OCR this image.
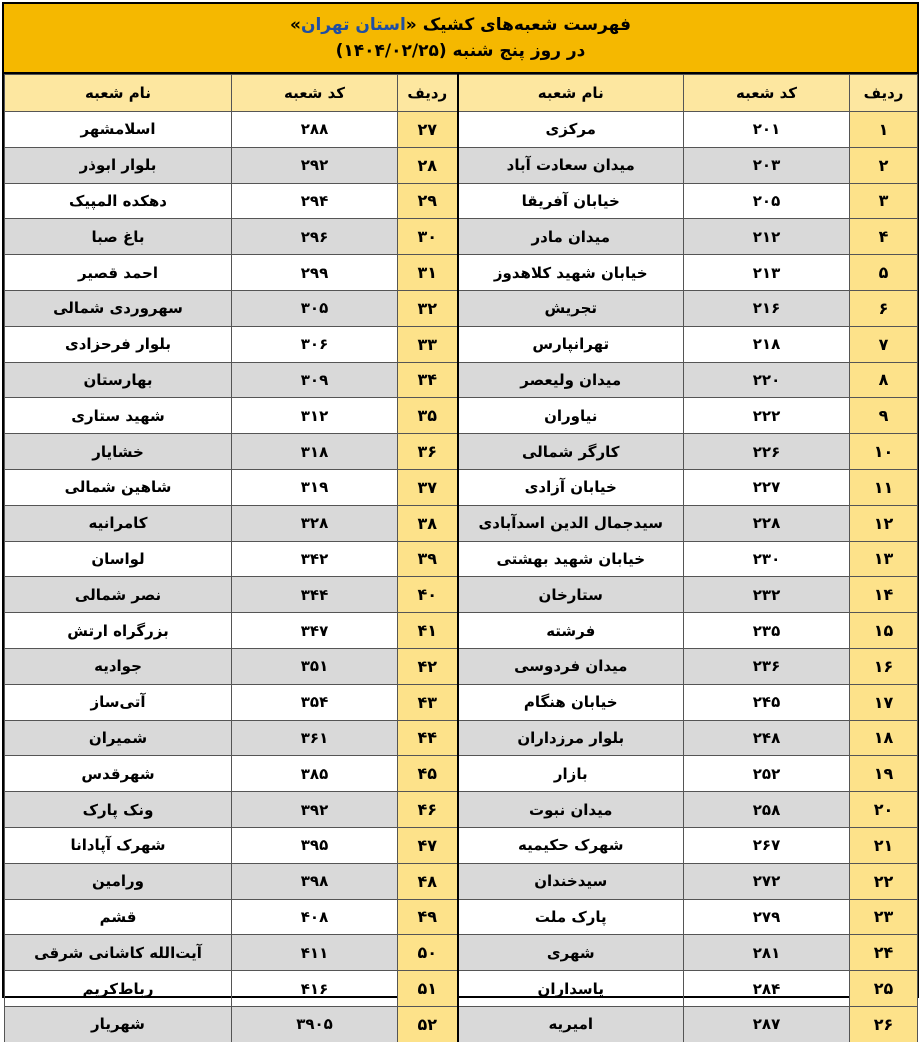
فهرست شعبه‌های کشیک «استان تهران»
در روز پنج شنبه (۱۴۰۴/۰۲/۲۵)
ردیف	کد شعبه	نام شعبه	ردیف	کد شعبه	نام شعبه
۱	۲۰۱	مرکزی	۲۷	۲۸۸	اسلامشهر
۲	۲۰۳	میدان سعادت آباد	۲۸	۲۹۲	بلوار ابوذر
۳	۲۰۵	خیابان آفریقا	۲۹	۲۹۴	دهکده المپیک
۴	۲۱۲	میدان مادر	۳۰	۲۹۶	باغ صبا
۵	۲۱۳	خیابان شهید کلاهدوز	۳۱	۲۹۹	احمد قصیر
۶	۲۱۶	تجریش	۳۲	۳۰۵	سهروردی شمالی
۷	۲۱۸	تهرانپارس	۳۳	۳۰۶	بلوار فرحزادی
۸	۲۲۰	میدان ولیعصر	۳۴	۳۰۹	بهارستان
۹	۲۲۲	نیاوران	۳۵	۳۱۲	شهید ستاری
۱۰	۲۲۶	کارگر شمالی	۳۶	۳۱۸	خشایار
۱۱	۲۲۷	خیابان آزادی	۳۷	۳۱۹	شاهین شمالی
۱۲	۲۲۸	سیدجمال الدین اسدآبادی	۳۸	۳۲۸	کامرانیه
۱۳	۲۳۰	خیابان شهید بهشتی	۳۹	۳۴۲	لواسان
۱۴	۲۳۲	ستارخان	۴۰	۳۴۴	نصر شمالی
۱۵	۲۳۵	فرشته	۴۱	۳۴۷	بزرگراه ارتش
۱۶	۲۳۶	میدان فردوسی	۴۲	۳۵۱	جوادیه
۱۷	۲۴۵	خیابان هنگام	۴۳	۳۵۴	آتی‌ساز
۱۸	۲۴۸	بلوار مرزداران	۴۴	۳۶۱	شمیران
۱۹	۲۵۲	بازار	۴۵	۳۸۵	شهرقدس
۲۰	۲۵۸	میدان نبوت	۴۶	۳۹۲	ونک پارک
۲۱	۲۶۷	شهرک حکیمیه	۴۷	۳۹۵	شهرک آپادانا
۲۲	۲۷۲	سیدخندان	۴۸	۳۹۸	ورامین
۲۳	۲۷۹	پارک ملت	۴۹	۴۰۸	قشم
۲۴	۲۸۱	شهری	۵۰	۴۱۱	آیت‌الله کاشانی شرقی
۲۵	۲۸۴	پاسداران	۵۱	۴۱۶	رباط‌کریم
۲۶	۲۸۷	امیریه	۵۲	۳۹۰۵	شهریار
